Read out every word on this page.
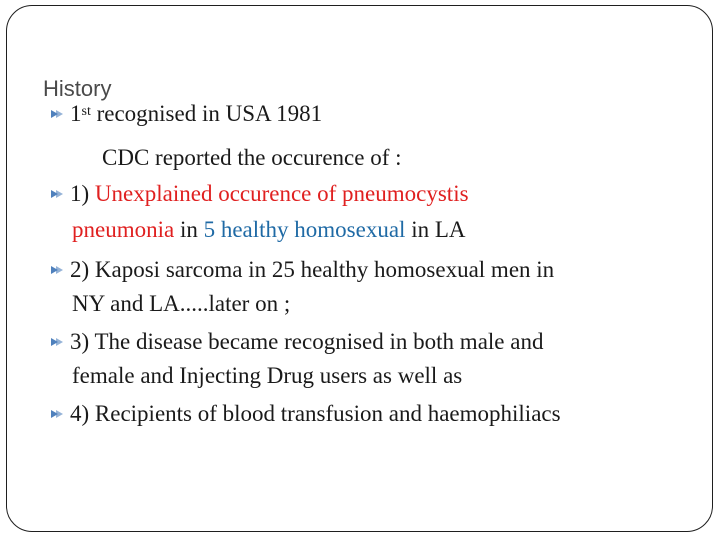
History
1st recognised in USA 1981
CDC reported the occurence of :
1) Unexplained occurence of pneumocystis
pneumonia in 5 healthy homosexual in LA
2) Kaposi sarcoma in 25 healthy homosexual men in
NY and LA.....later on ;
3) The disease became recognised in both male and
female and Injecting Drug users as well as
4) Recipients of blood transfusion and haemophiliacs
